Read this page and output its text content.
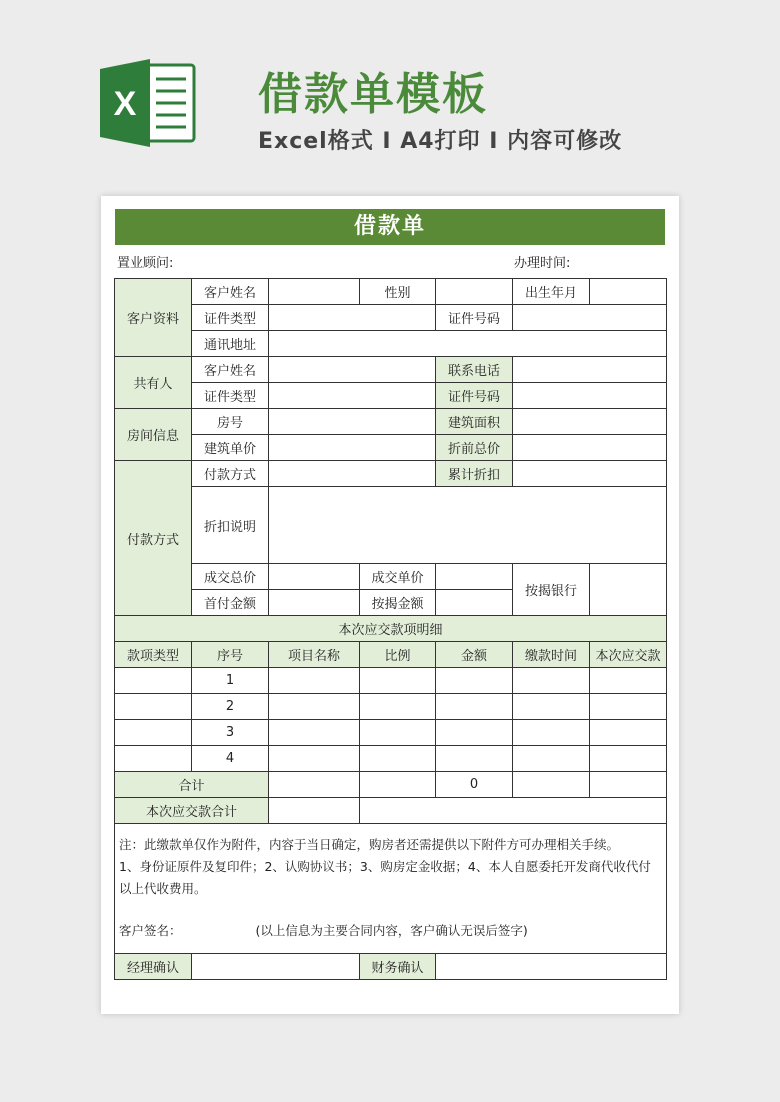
X	借款单模板
Excel格式 I A4打印 I 内容可修改
借款单
置业顾问:	办理时间:
客户资料	客户姓名		性别		出生年月	
	证件类型			证件号码		
	通讯地址					
共有人	客户姓名			联系电话		
	证件类型			证件号码		
房间信息	房号			建筑面积		
	建筑单价			折前总价		
付款方式	付款方式			累计折扣		
	折扣说明					
	成交总价		成交单价		按揭银行	
	首付金额		按揭金额			
本次应交款项明细						
款项类型	序号	项目名称	比例	金额	缴款时间	本次应交款
	1					
	2					
	3					
	4					
合计				0		
本次应交款合计						

注：此缴款单仅作为附件，内容于当日确定，购房者还需提供以下附件方可办理相关手续。
1、身份证原件及复印件；2、认购协议书；3、购房定金收据；4、本人自愿委托开发商代收代付以上代收费用。
客户签名： (以上信息为主要合同内容，客户确认无误后签字)						

经理确认			财务确认			
